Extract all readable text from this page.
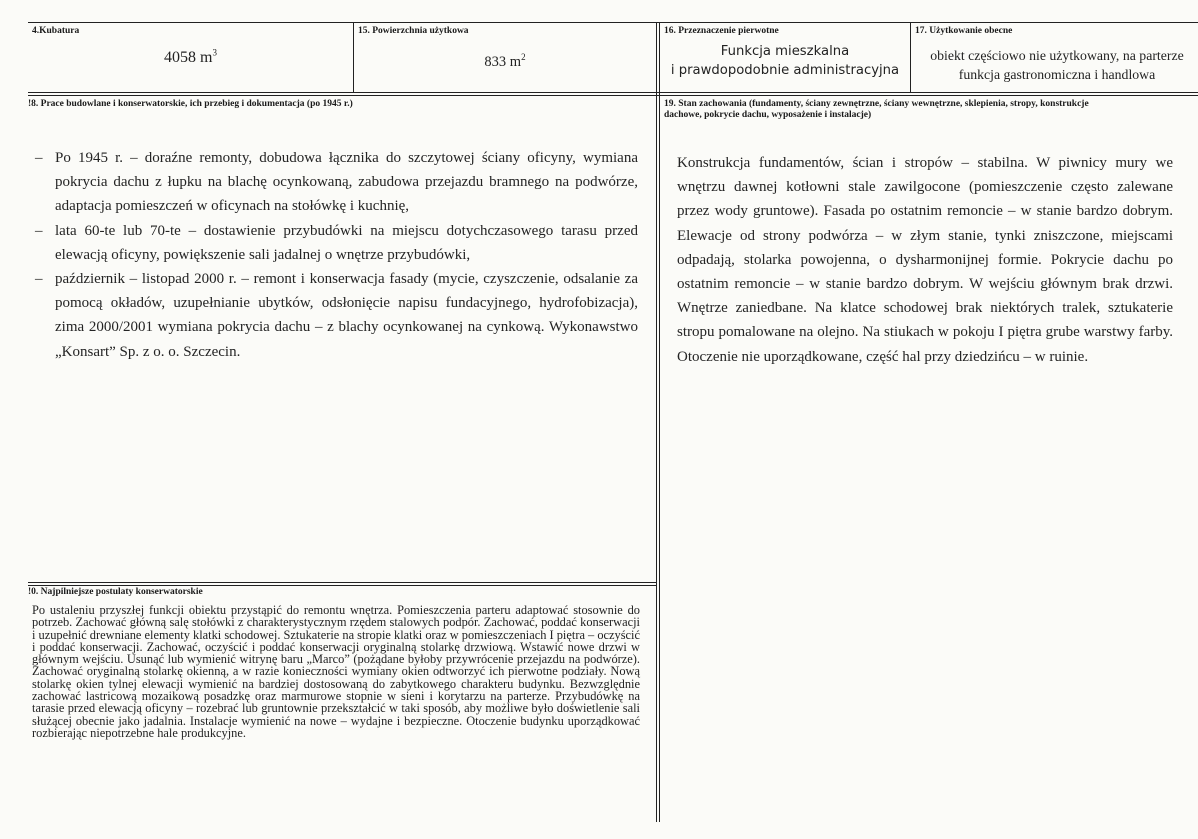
4.Kubatura
4058 $m^3$
15. Powierzchnia użytkowa
833 $m^2$
16. Przeznaczenie pierwotne
Funkcja mieszkalna
i prawdopodobnie administracyjna
17. Użytkowanie obecne
obiekt częściowo nie użytkowany, na parterze
funkcja gastronomiczna i handlowa
!8. Prace budowlane i konserwatorskie, ich przebieg i dokumentacja (po 1945 r.)
– Po 1945 r. – doraźne remonty, dobudowa łącznika do szczytowej ściany oficyny, wymiana pokrycia dachu z łupku na blachę ocynkowaną, zabudowa przejazdu bramnego na podwórze, adaptacja pomieszczeń w oficynach na stołówkę i kuchnię,
– lata 60-te lub 70-te – dostawienie przybudówki na miejscu dotychczasowego tarasu przed elewacją oficyny, powiększenie sali jadalnej o wnętrze przybudówki,
– październik – listopad 2000 r. – remont i konserwacja fasady (mycie, czyszczenie, odsalanie za pomocą okładów, uzupełnianie ubytków, odsłonięcie napisu fundacyjnego, hydrofobizacja), zima 2000/2001 wymiana pokrycia dachu – z blachy ocynkowanej na cynkową. Wykonawstwo „Konsart” Sp. z o. o. Szczecin.
19. Stan zachowania (fundamenty, ściany zewnętrzne, ściany wewnętrzne, sklepienia, stropy, konstrukcje
dachowe, pokrycie dachu, wyposażenie i instalacje)
Konstrukcja fundamentów, ścian i stropów – stabilna. W piwnicy mury we wnętrzu dawnej kotłowni stale zawilgocone (pomieszczenie często zalewane przez wody gruntowe). Fasada po ostatnim remoncie – w stanie bardzo dobrym. Elewacje od strony podwórza – w złym stanie, tynki zniszczone, miejscami odpadają, stolarka powojenna, o dysharmonijnej formie. Pokrycie dachu po ostatnim remoncie – w stanie bardzo dobrym. W wejściu głównym brak drzwi. Wnętrze zaniedbane. Na klatce schodowej brak niektórych tralek, sztukaterie stropu pomalowane na olejno. Na stiukach w pokoju I piętra grube warstwy farby. Otoczenie nie uporządkowane, część hal przy dziedzińcu – w ruinie.
!0. Najpilniejsze postulaty konserwatorskie
Po ustaleniu przyszłej funkcji obiektu przystąpić do remontu wnętrza. Pomieszczenia parteru adaptować stosownie do potrzeb. Zachować główną salę stołówki z charakterystycznym rzędem stalowych podpór. Zachować, poddać konserwacji i uzupełnić drewniane elementy klatki schodowej. Sztukaterie na stropie klatki oraz w pomieszczeniach I piętra – oczyścić i poddać konserwacji. Zachować, oczyścić i poddać konserwacji oryginalną stolarkę drzwiową. Wstawić nowe drzwi w głównym wejściu. Usunąć lub wymienić witrynę baru „Marco” (pożądane byłoby przywrócenie przejazdu na podwórze). Zachować oryginalną stolarkę okienną, a w razie konieczności wymiany okien odtworzyć ich pierwotne podziały. Nową stolarkę okien tylnej elewacji wymienić na bardziej dostosowaną do zabytkowego charakteru budynku. Bezwzględnie zachować lastricową mozaikową posadzkę oraz marmurowe stopnie w sieni i korytarzu na parterze. Przybudówkę na tarasie przed elewacją oficyny – rozebrać lub gruntownie przekształcić w taki sposób, aby możliwe było doświetlenie sali służącej obecnie jako jadalnia. Instalacje wymienić na nowe – wydajne i bezpieczne. Otoczenie budynku uporządkować rozbierając niepotrzebne hale produkcyjne.
